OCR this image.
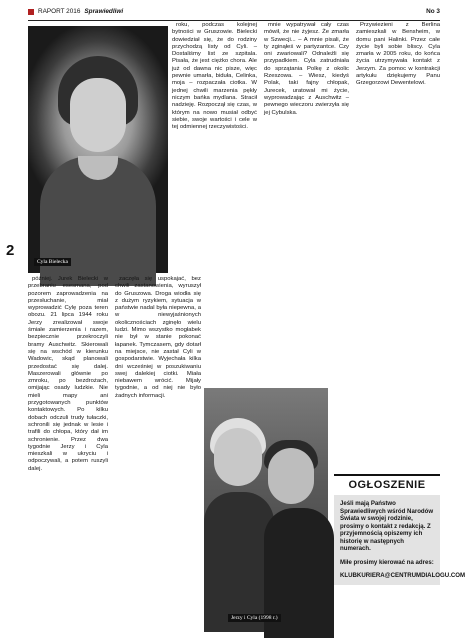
2
RAPORT 2016 Sprawiedliwi	No 3
Cyla Bielecka

później. Jurek Bielecki w przebraniu esesmana, pod pozorem zaprowadzenia na przesłuchanie, miał wyprowadzić Cylę poza teren obozu. 21 lipca 1944 roku Jerzy zrealizował swoje śmiałe zamierzenia i razem, bezpiecznie przekroczyli bramy Auschwitz. Skierowali się na wschód w kierunku Wadowic, skąd planowali przedostać się dalej. Maszerowali głównie po zmroku, po bezdrożach, omijając osady ludzkie. Nie mieli mapy ani przygotowanych punktów kontaktowych. Po kilku dobach odczuli trudy tułaczki, schronili się jednak w lesie i trafili do chłopa, który dał im schronienie. Przez dwa tygodnie Jerzy i Cyla mieszkali w ukryciu i odpoczywali, a potem ruszyli dalej.

zaczęła się uspokajać, bez chwili zastanowienia, wyruszył do Gruszowa. Droga wiodła się z dużym ryzykiem, sytuacja w państwie nadal była niepewna, a w niewyjaśnionych okolicznościach zginęło wielu ludzi. Mimo wszystko mogłabek nie był w stanie pokonać łapanek. Tymczasem, gdy dotarł na miejsce, nie zastał Cyli w gospodarstwie. Wyjechała kilka dni wcześniej w poszukiwaniu swej dalekiej ciotki. Miała niebawem wrócić. Mijały tygodnie, a od niej nie było żadnych informacji.

roku, podczas kolejnej bytności w Gruszowie. Bielecki dowiedział się, że do rodziny przychodzą listy od Cyli. – Dostaliśmy list ze szpitala. Pisała, że jest ciężko chora. Ale już od dawna nic pisze, więc pewnie umarła, biduła, Celinka, moja – rozpaczała ciotka. W jednej chwili marzenia pękły niczym bańka mydlana. Stracił nadzieję. Rozpoczął się czas, w którym na nowo musiał odbyć siebie, swoje wartości i cele w tej odmiennej rzeczywistości.

mnie wypatrywał cały czas mówił, że nie żyjesz. Że zmarła w Szwecji... – A mnie pisali, że ty zginąłeś w partyzantce. Czy oni zwariowali? Odnaleźli się przypadkiem. Cyla zatrudniała do sprzątania Polkę z okolic Rzeszowa. – Wiesz, kiedyś Polak, taki fajny chłopak, Jurecek, uratował mi życie, wyprowadzając z Auschwitz – pewnego wieczoru zwierzyła się jej Cybulska.

Przywiezieni z Berlina zamieszkali w Bensheim, w domu pani Halinki. Przez całe życie byli sobie bliscy. Cyla zmarła w 2005 roku, do końca życia utrzymywała kontakt z Jerzym. Za pomoc w kontrakcji artykułu dziękujemy Panu Grzegorzowi Dewentelowi.

Jerzy i Cyla (1998 r.)
OGŁOSZENIE

Jeśli mają Państwo Sprawiedliwych wśród Narodów Świata w swojej rodzinie, prosimy o kontakt z redakcją. Z przyjemnością opiszemy ich historię w następnych numerach.

Miłe prosimy kierować na adres:

KLUBKURIERA@CENTRUMDIALOGU.COM
